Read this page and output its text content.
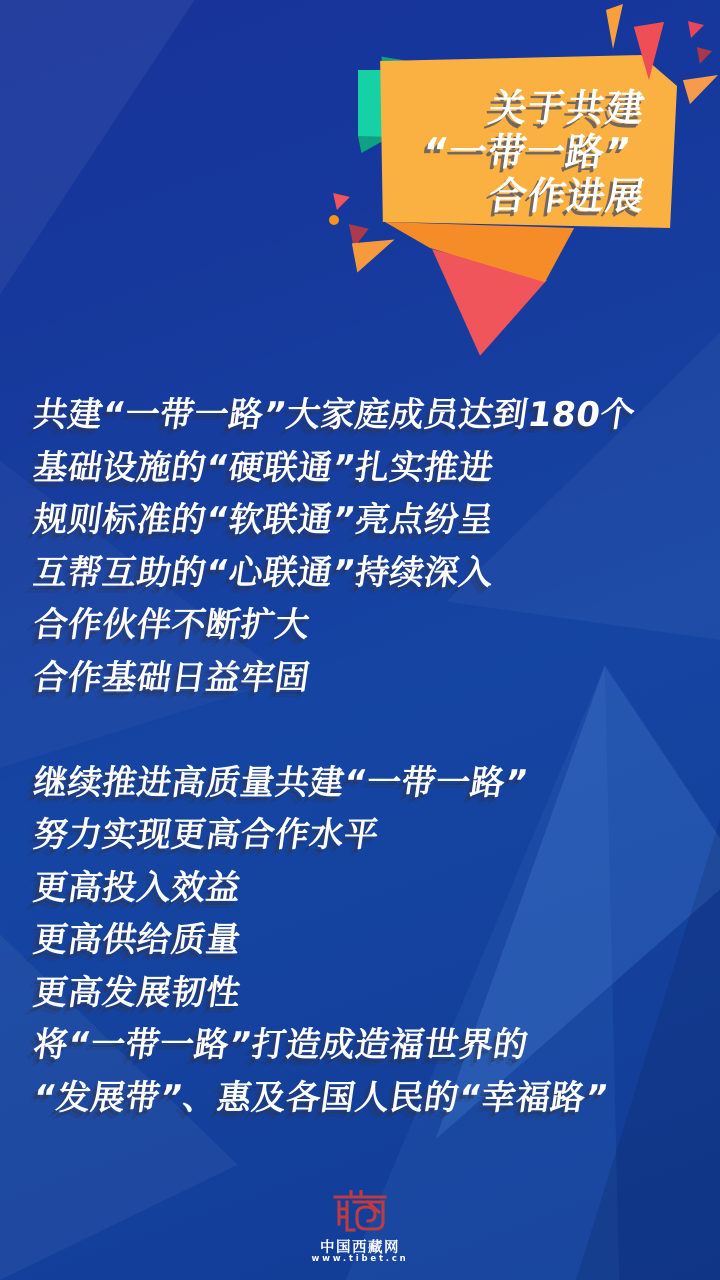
关于共建
“一带一路”
合作进展
共建“一带一路”大家庭成员达到180个
基础设施的“硬联通”扎实推进
规则标准的“软联通”亮点纷呈
互帮互助的“心联通”持续深入
合作伙伴不断扩大
合作基础日益牢固
继续推进高质量共建“一带一路”
努力实现更高合作水平
更高投入效益
更高供给质量
更高发展韧性
将“一带一路”打造成造福世界的
“发展带”、惠及各国人民的“幸福路”
中国西藏网
www.tibet.cn
